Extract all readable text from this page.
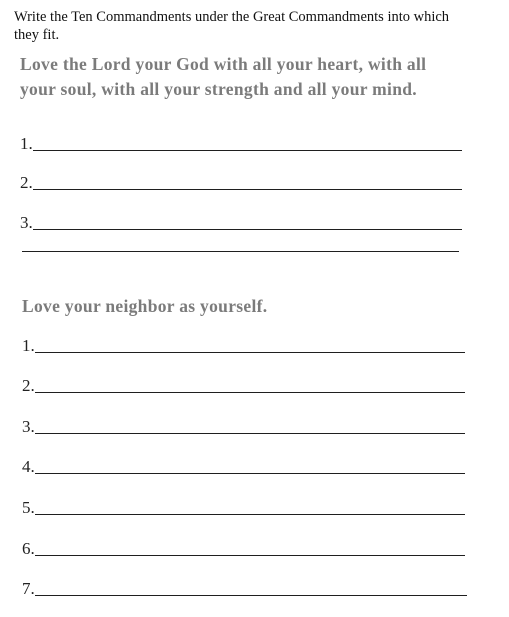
Write the Ten Commandments under the Great Commandments into which they fit.

Love the Lord your God with all your heart, with all your soul, with all your strength and all your mind.
1.
2.
3.
Love your neighbor as yourself.
1.
2.
3.
4.
5.
6.
7.
